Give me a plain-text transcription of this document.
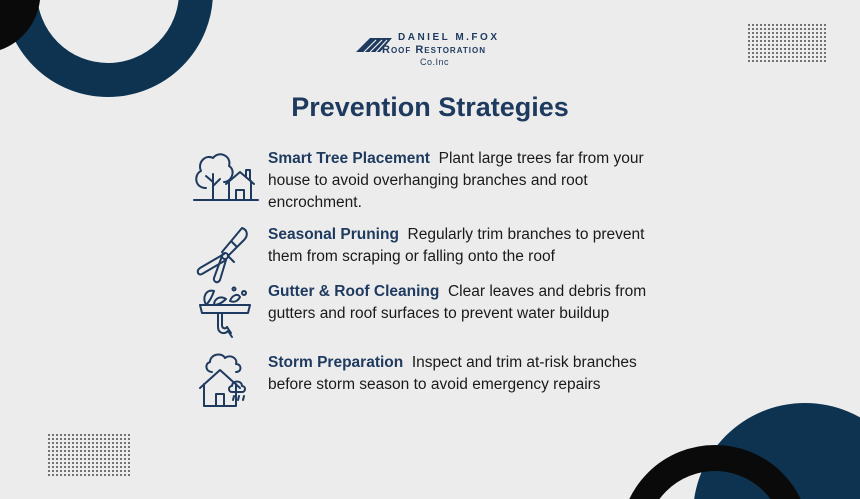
DANIEL M.FOX
Roof Restoration
Co.Inc
Prevention Strategies
Smart Tree Placement Plant large trees far from your house to avoid overhanging branches and root encrochment.
Seasonal Pruning Regularly trim branches to prevent them from scraping or falling onto the roof
Gutter & Roof Cleaning Clear leaves and debris from gutters and roof surfaces to prevent water buildup
Storm Preparation Inspect and trim at-risk branches before storm season to avoid emergency repairs
